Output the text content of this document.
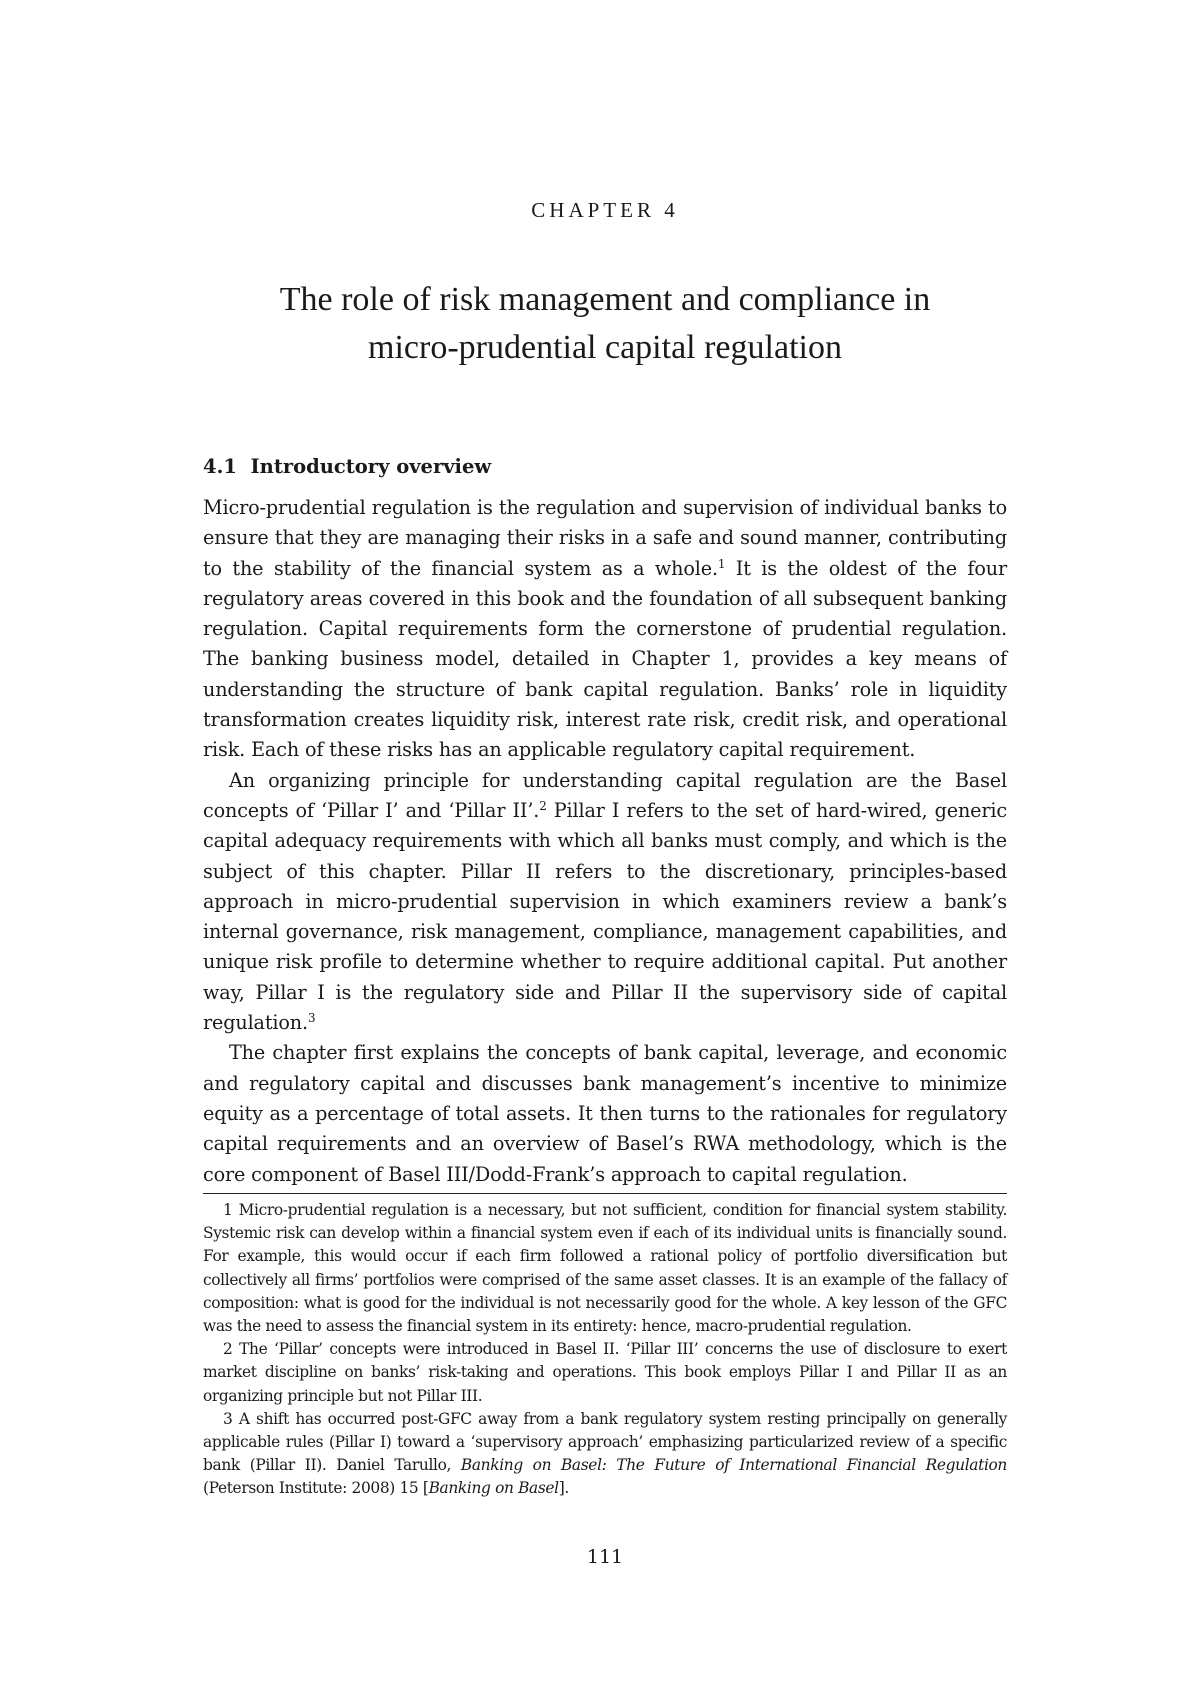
CHAPTER 4
The role of risk management and compliance in
micro-prudential capital regulation
4.1 Introductory overview

Micro-prudential regulation is the regulation and supervision of individual banks to ensure that they are managing their risks in a safe and sound manner, contributing to the stability of the financial system as a whole.$^1$ It is the oldest of the four regulatory areas covered in this book and the foundation of all subsequent banking regulation. Capital requirements form the cornerstone of prudential regulation. The banking business model, detailed in Chapter 1, provides a key means of understanding the structure of bank capital regulation. Banks’ role in liquidity transformation creates liquidity risk, interest rate risk, credit risk, and operational risk. Each of these risks has an applicable regulatory capital requirement.

An organizing principle for understanding capital regulation are the Basel concepts of ‘Pillar I’ and ‘Pillar II’.$^2$ Pillar I refers to the set of hard-wired, generic capital adequacy requirements with which all banks must comply, and which is the subject of this chapter. Pillar II refers to the discretionary, principles-based approach in micro-prudential supervision in which examiners review a bank’s internal governance, risk management, compliance, management capabilities, and unique risk profile to determine whether to require additional capital. Put another way, Pillar I is the regulatory side and Pillar II the supervisory side of capital regulation.$^3$

The chapter first explains the concepts of bank capital, leverage, and economic and regulatory capital and discusses bank management’s incentive to minimize equity as a percentage of total assets. It then turns to the rationales for regulatory capital requirements and an overview of Basel’s RWA methodology, which is the core component of Basel III/Dodd-Frank’s approach to capital regulation.

1 Micro-prudential regulation is a necessary, but not sufficient, condition for financial system stability. Systemic risk can develop within a financial system even if each of its individual units is financially sound. For example, this would occur if each firm followed a rational policy of portfolio diversification but collectively all firms’ portfolios were comprised of the same asset classes. It is an example of the fallacy of composition: what is good for the individual is not necessarily good for the whole. A key lesson of the GFC was the need to assess the financial system in its entirety: hence, macro-prudential regulation.

2 The ‘Pillar’ concepts were introduced in Basel II. ‘Pillar III’ concerns the use of disclosure to exert market discipline on banks’ risk-taking and operations. This book employs Pillar I and Pillar II as an organizing principle but not Pillar III.

3 A shift has occurred post-GFC away from a bank regulatory system resting principally on generally applicable rules (Pillar I) toward a ‘supervisory approach’ emphasizing particularized review of a specific bank (Pillar II). Daniel Tarullo, Banking on Basel: The Future of International Financial Regulation (Peterson Institute: 2008) 15 [Banking on Basel].

111
